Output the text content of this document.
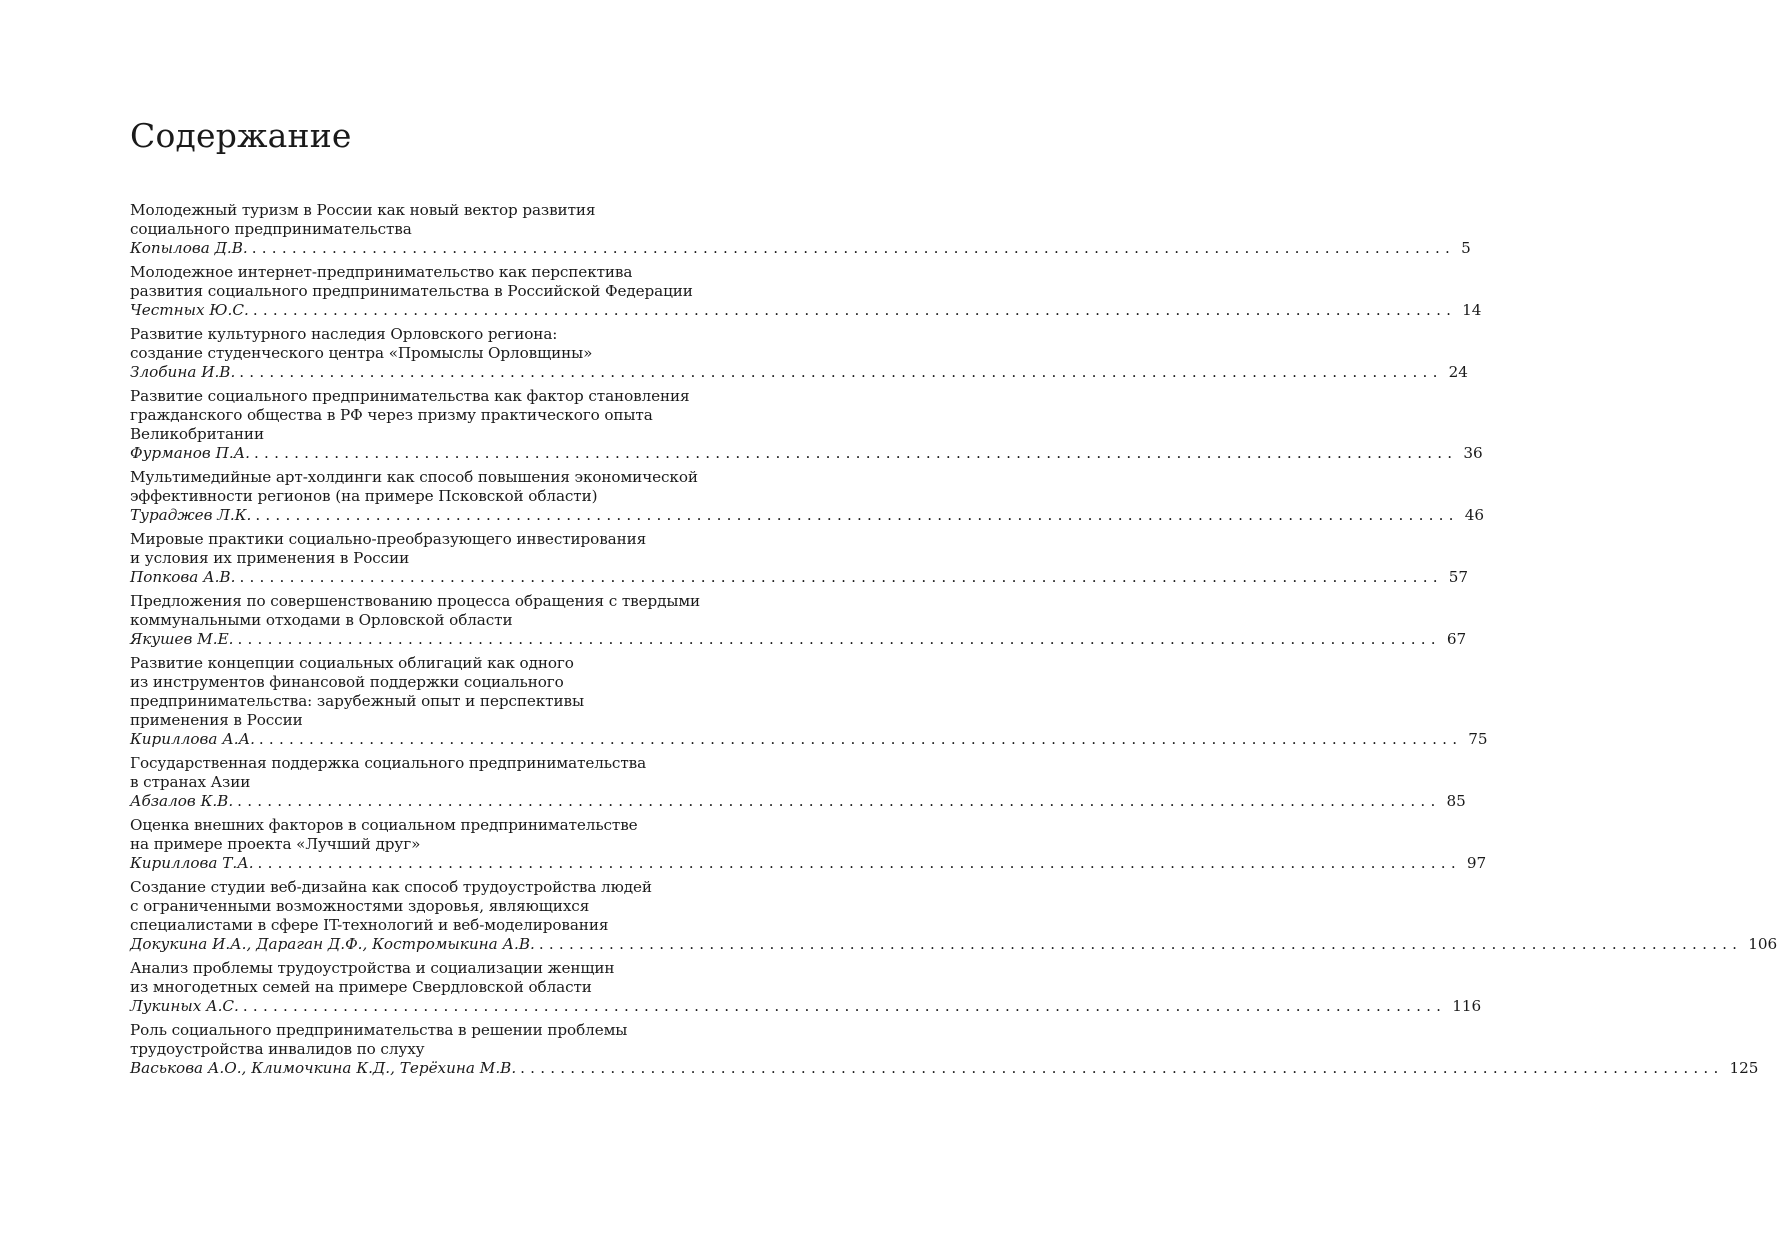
Содержание
Молодежный туризм в России как новый вектор развития
социального предпринимательства
Копылова Д.В. ........................................................................................................................ 5
Молодежное интернет-предпринимательство как перспектива
развития социального предпринимательства в Российской Федерации
Честных Ю.С. ........................................................................................................................ 14
Развитие культурного наследия Орловского региона:
создание студенческого центра «Промыслы Орловщины»
Злобина И.В. ........................................................................................................................ 24
Развитие социального предпринимательства как фактор становления
гражданского общества в РФ через призму практического опыта
Великобритании
Фурманов П.А. ........................................................................................................................ 36
Мультимедийные арт-холдинги как способ повышения экономической
эффективности регионов (на примере Псковской области)
Тураджев Л.К. ........................................................................................................................ 46
Мировые практики социально-преобразующего инвестирования
и условия их применения в России
Попкова А.В. ........................................................................................................................ 57
Предложения по совершенствованию процесса обращения с твердыми
коммунальными отходами в Орловской области
Якушев М.Е. ........................................................................................................................ 67
Развитие концепции социальных облигаций как одного
из инструментов финансовой поддержки социального
предпринимательства: зарубежный опыт и перспективы
применения в России
Кириллова А.А. ........................................................................................................................ 75
Государственная поддержка социального предпринимательства
в странах Азии
Абзалов К.В. ........................................................................................................................ 85
Оценка внешних факторов в социальном предпринимательстве
на примере проекта «Лучший друг»
Кириллова Т.А. ........................................................................................................................ 97
Создание студии веб-дизайна как способ трудоустройства людей
с ограниченными возможностями здоровья, являющихся
специалистами в сфере IT-технологий и веб-моделирования
Докукина И.А., Дараган Д.Ф., Костромыкина А.В. ........................................................................................................................ 106
Анализ проблемы трудоустройства и социализации женщин
из многодетных семей на примере Свердловской области
Лукиных А.С. ........................................................................................................................ 116
Роль социального предпринимательства в решении проблемы
трудоустройства инвалидов по слуху
Васькова А.О., Климочкина К.Д., Терёхина М.В. ........................................................................................................................ 125
